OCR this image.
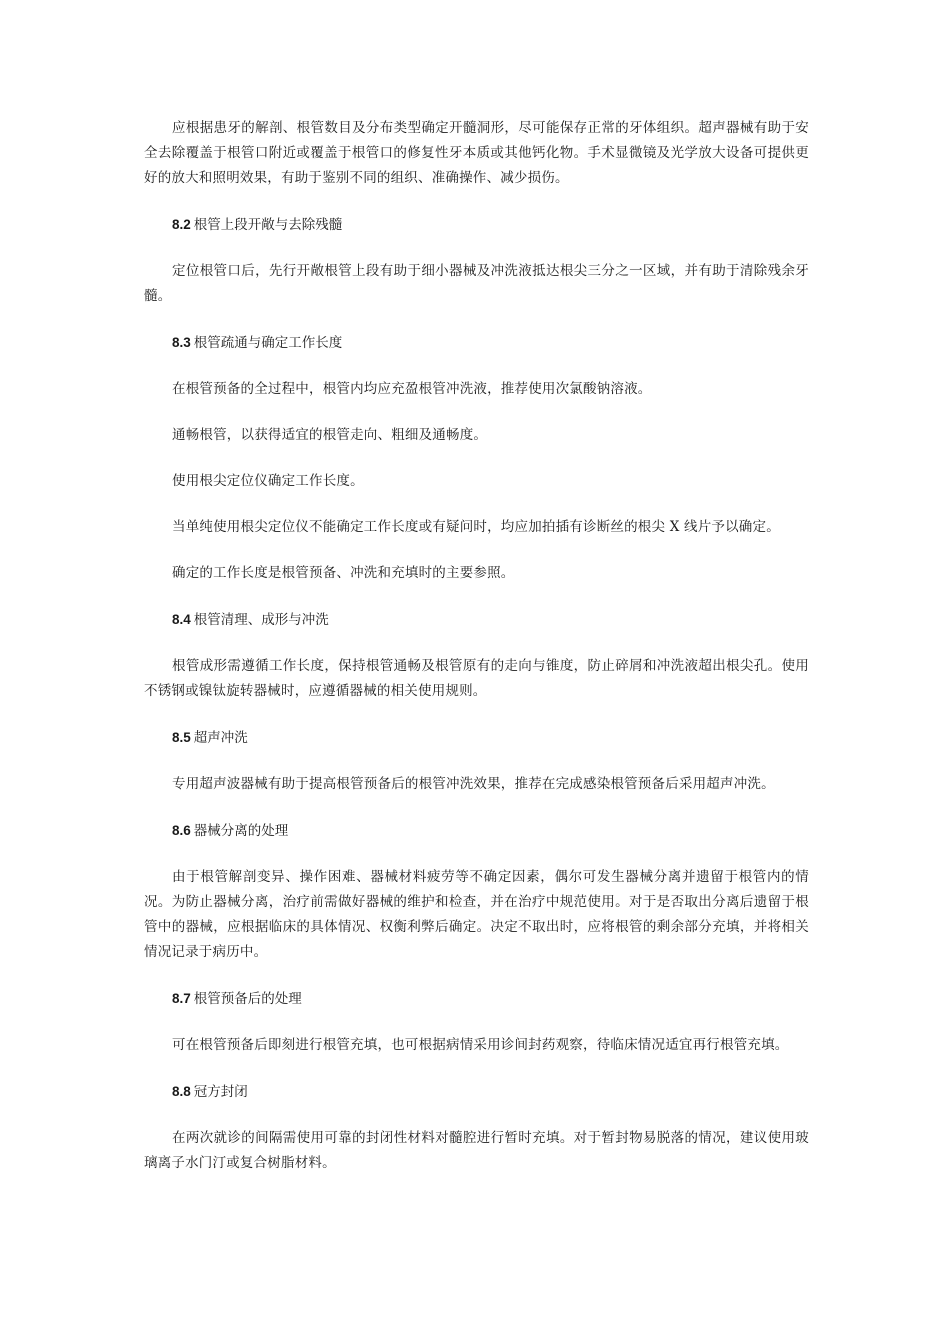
应根据患牙的解剖、根管数目及分布类型确定开髓洞形，尽可能保存正常的牙体组织。超声器械有助于安全去除覆盖于根管口附近或覆盖于根管口的修复性牙本质或其他钙化物。手术显微镜及光学放大设备可提供更好的放大和照明效果，有助于鉴别不同的组织、准确操作、减少损伤。

8.2 根管上段开敞与去除残髓

定位根管口后，先行开敞根管上段有助于细小器械及冲洗液抵达根尖三分之一区域，并有助于清除残余牙髓。

8.3 根管疏通与确定工作长度

在根管预备的全过程中，根管内均应充盈根管冲洗液，推荐使用次氯酸钠溶液。

通畅根管，以获得适宜的根管走向、粗细及通畅度。

使用根尖定位仪确定工作长度。

当单纯使用根尖定位仪不能确定工作长度或有疑问时，均应加拍插有诊断丝的根尖 X 线片予以确定。

确定的工作长度是根管预备、冲洗和充填时的主要参照。

8.4 根管清理、成形与冲洗

根管成形需遵循工作长度，保持根管通畅及根管原有的走向与锥度，防止碎屑和冲洗液超出根尖孔。使用不锈钢或镍钛旋转器械时，应遵循器械的相关使用规则。

8.5 超声冲洗

专用超声波器械有助于提高根管预备后的根管冲洗效果，推荐在完成感染根管预备后采用超声冲洗。

8.6 器械分离的处理

由于根管解剖变异、操作困难、器械材料疲劳等不确定因素，偶尔可发生器械分离并遗留于根管内的情况。为防止器械分离，治疗前需做好器械的维护和检查，并在治疗中规范使用。对于是否取出分离后遗留于根管中的器械，应根据临床的具体情况、权衡利弊后确定。决定不取出时，应将根管的剩余部分充填，并将相关情况记录于病历中。

8.7 根管预备后的处理

可在根管预备后即刻进行根管充填，也可根据病情采用诊间封药观察，待临床情况适宜再行根管充填。

8.8 冠方封闭

在两次就诊的间隔需使用可靠的封闭性材料对髓腔进行暂时充填。对于暂封物易脱落的情况，建议使用玻璃离子水门汀或复合树脂材料。
